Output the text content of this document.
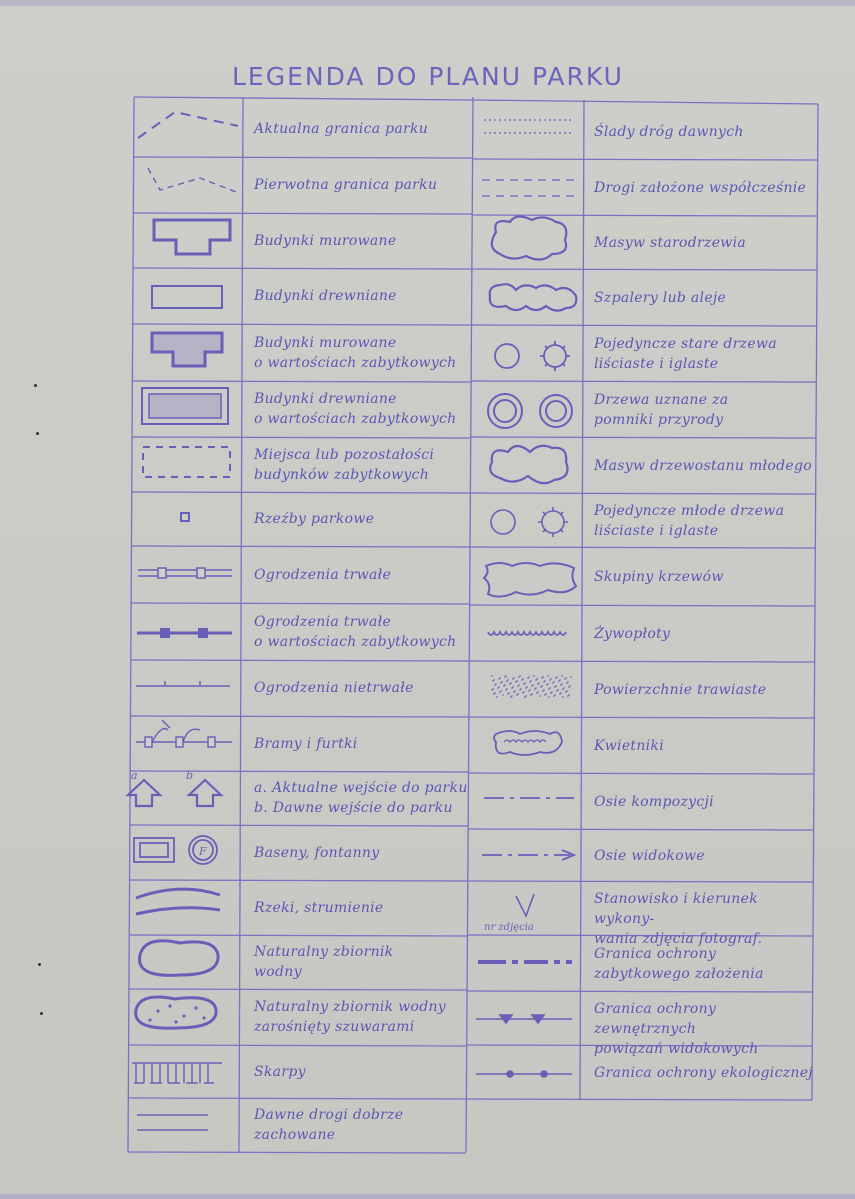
LEGENDA DO PLANU PARKU
a	b
F
nr zdjęcia
Aktualna granica parku
Pierwotna granica parku
Budynki murowane
Budynki drewniane
Budynki murowane
o wartościach zabytkowych
Budynki drewniane
o wartościach zabytkowych
Miejsca lub pozostałości
budynków zabytkowych
Rzeźby parkowe
Ogrodzenia trwałe
Ogrodzenia trwałe
o wartościach zabytkowych
Ogrodzenia nietrwałe
Bramy i furtki
a. Aktualne wejście do parku
b. Dawne wejście do parku
Baseny, fontanny
Rzeki, strumienie
Naturalny zbiornik
wodny
Naturalny zbiornik wodny
zarośnięty szuwarami
Skarpy
Dawne drogi dobrze
zachowane
Ślady dróg dawnych
Drogi założone współcześnie
Masyw starodrzewia
Szpalery lub aleje
Pojedyncze stare drzewa
liściaste i iglaste
Drzewa uznane za
pomniki przyrody
Masyw drzewostanu młodego
Pojedyncze młode drzewa
liściaste i iglaste
Skupiny krzewów
Żywopłoty
Powierzchnie trawiaste
Kwietniki
Osie kompozycji
Osie widokowe
Stanowisko i kierunek wykony-
wania zdjęcia fotograf.
Granica ochrony
zabytkowego założenia
Granica ochrony zewnętrznych
powiązań widokowych
Granica ochrony ekologicznej
